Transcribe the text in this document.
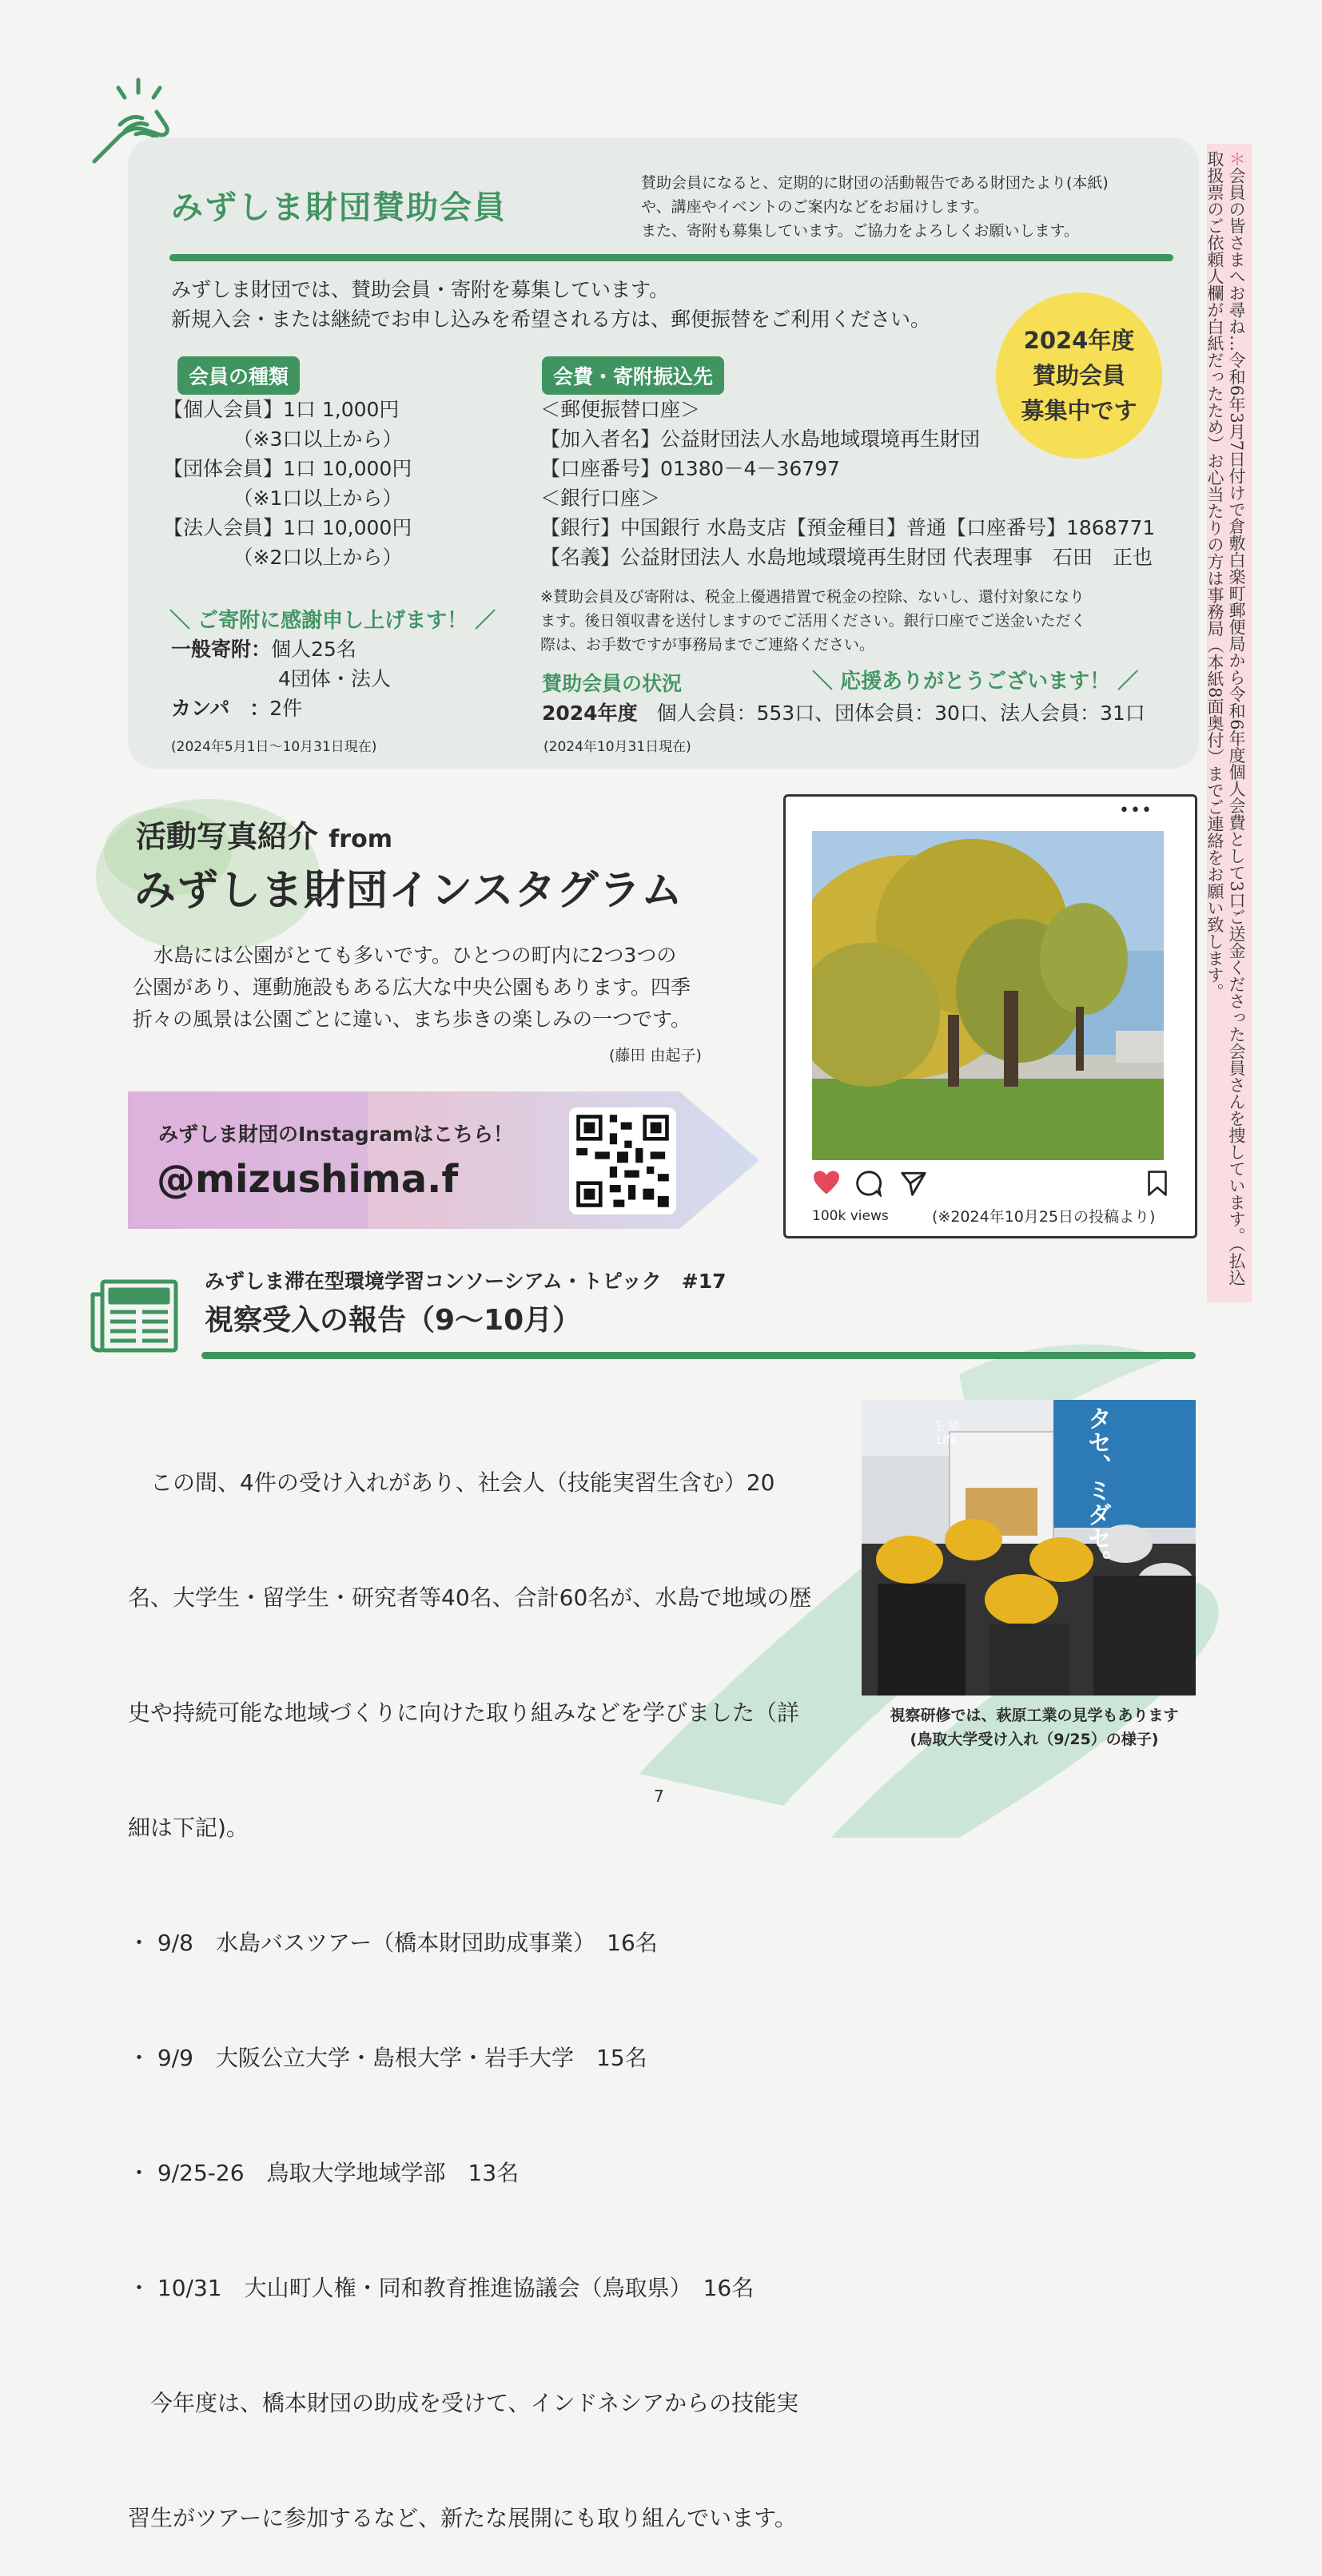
みずしま財団賛助会員
賛助会員になると、定期的に財団の活動報告である財団たより(本紙)
や、講座やイベントのご案内などをお届けします。
また、寄附も募集しています。ご協力をよろしくお願いします。
みずしま財団では、賛助会員・寄附を募集しています。
新規入会・または継続でお申し込みを希望される方は、郵便振替をご利用ください。
2024年度
賛助会員
募集中です
会員の種類
【個人会員】1口 1,000円
　　　　（※3口以上から）
【団体会員】1口 10,000円
　　　　（※1口以上から）
【法人会員】1口 10,000円
　　　　（※2口以上から）
会費・寄附振込先
＜郵便振替口座＞
【加入者名】公益財団法人水島地域環境再生財団
【口座番号】01380－4－36797
＜銀行口座＞
【銀行】中国銀行 水島支店【預金種目】普通【口座番号】1868771
【名義】公益財団法人 水島地域環境再生財団 代表理事　石田　正也
※賛助会員及び寄附は、税金上優遇措置で税金の控除、ないし、還付対象になり
ます。後日領収書を送付しますのでご活用ください。銀行口座でご送金いただく
際は、お手数ですが事務局までご連絡ください。
＼ ご寄附に感謝申し上げます！ ／
一般寄附：個人25名
4団体・法人
カンパ　：2件
(2024年5月1日〜10月31日現在)
賛助会員の状況	＼ 応援ありがとうございます！ ／
2024年度 個人会員：553口、団体会員：30口、法人会員：31口
(2024年10月31日現在)
＊会員の皆さまへお尋ね…令和6年3月7日付けで倉敷白楽町郵便局から令和6年度個人会費として3口ご送金くださった会員さんを捜しています。（払込取扱票のご依頼人欄が白紙だったため）お心当たりの方は事務局（本紙8面奥付）までご連絡をお願い致します。
活動写真紹介 from
みずしま財団インスタグラム
水島には公園がとても多いです。ひとつの町内に2つ3つの
公園があり、運動施設もある広大な中央公園もあります。四季
折々の風景は公園ごとに違い、まち歩きの楽しみの一つです。
(藤田 由起子)
みずしま財団のInstagramはこちら！
@mizushima.f
•••
100k views	(※2024年10月25日の投稿より)
みずしま滞在型環境学習コンソーシアム・トピック　#17
視察受入の報告（9〜10月）

　この間、4件の受け入れがあり、社会人（技能実習生含む）20

名、大学生・留学生・研究者等40名、合計60名が、水島で地域の歴

史や持続可能な地域づくりに向けた取り組みなどを学びました（詳

細は下記)。

・ 9/8　水島バスツアー（橋本財団助成事業）　16名

・ 9/9　大阪公立大学・島根大学・岩手大学　15名

・ 9/25-26　鳥取大学地域学部　13名

・ 10/31　大山町人権・同和教育推進協議会（鳥取県）　16名

　今年度は、橋本財団の助成を受けて、インドネシアからの技能実

習生がツアーに参加するなど、新たな展開にも取り組んでいます。

生 活
Life	タセ、ミダセ。
視察研修では、萩原工業の見学もあります
(鳥取大学受け入れ（9/25）の様子)
7
